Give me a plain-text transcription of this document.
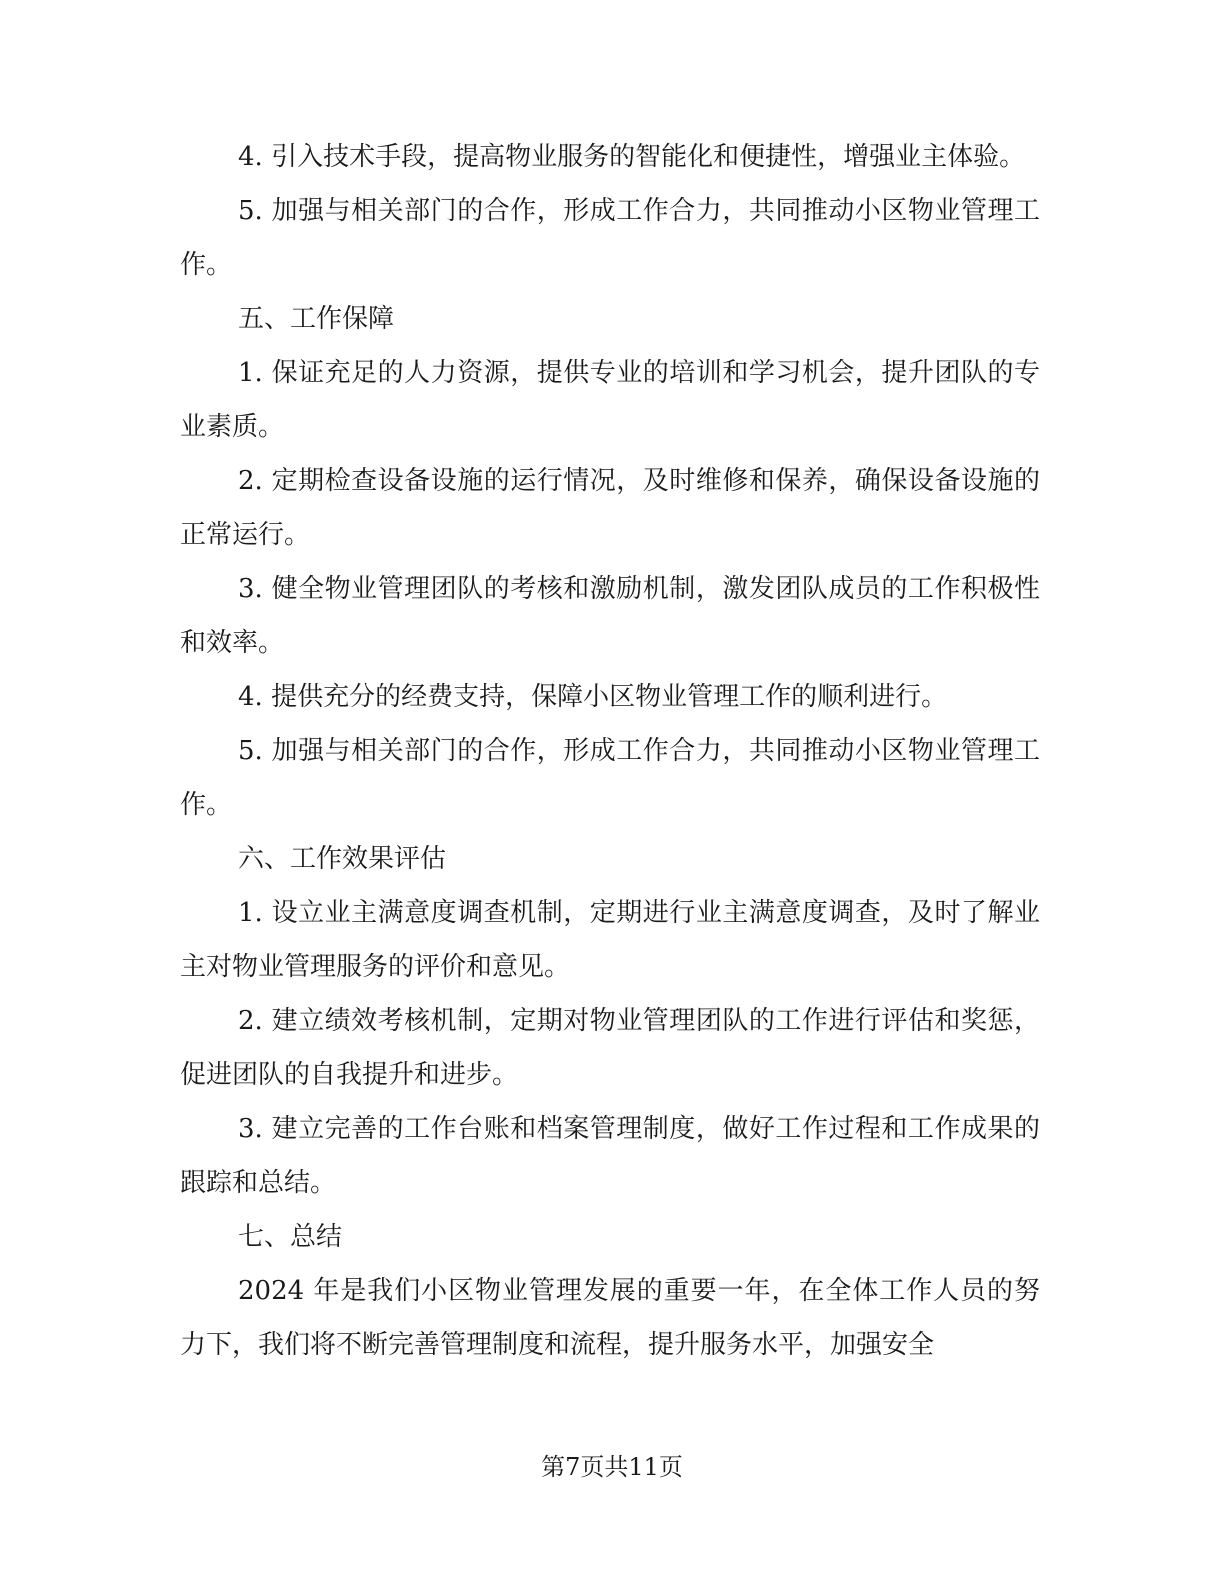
4. 引入技术手段，提高物业服务的智能化和便捷性，增强业主体验。

5. 加强与相关部门的合作，形成工作合力，共同推动小区物业管理工作。

五、工作保障

1. 保证充足的人力资源，提供专业的培训和学习机会，提升团队的专业素质。

2. 定期检查设备设施的运行情况，及时维修和保养，确保设备设施的正常运行。

3. 健全物业管理团队的考核和激励机制，激发团队成员的工作积极性和效率。

4. 提供充分的经费支持，保障小区物业管理工作的顺利进行。

5. 加强与相关部门的合作，形成工作合力，共同推动小区物业管理工作。

六、工作效果评估

1. 设立业主满意度调查机制，定期进行业主满意度调查，及时了解业主对物业管理服务的评价和意见。

2. 建立绩效考核机制，定期对物业管理团队的工作进行评估和奖惩，促进团队的自我提升和进步。

3. 建立完善的工作台账和档案管理制度，做好工作过程和工作成果的跟踪和总结。

七、总结

2024 年是我们小区物业管理发展的重要一年，在全体工作人员的努力下，我们将不断完善管理制度和流程，提升服务水平，加强安全

第7页共11页
